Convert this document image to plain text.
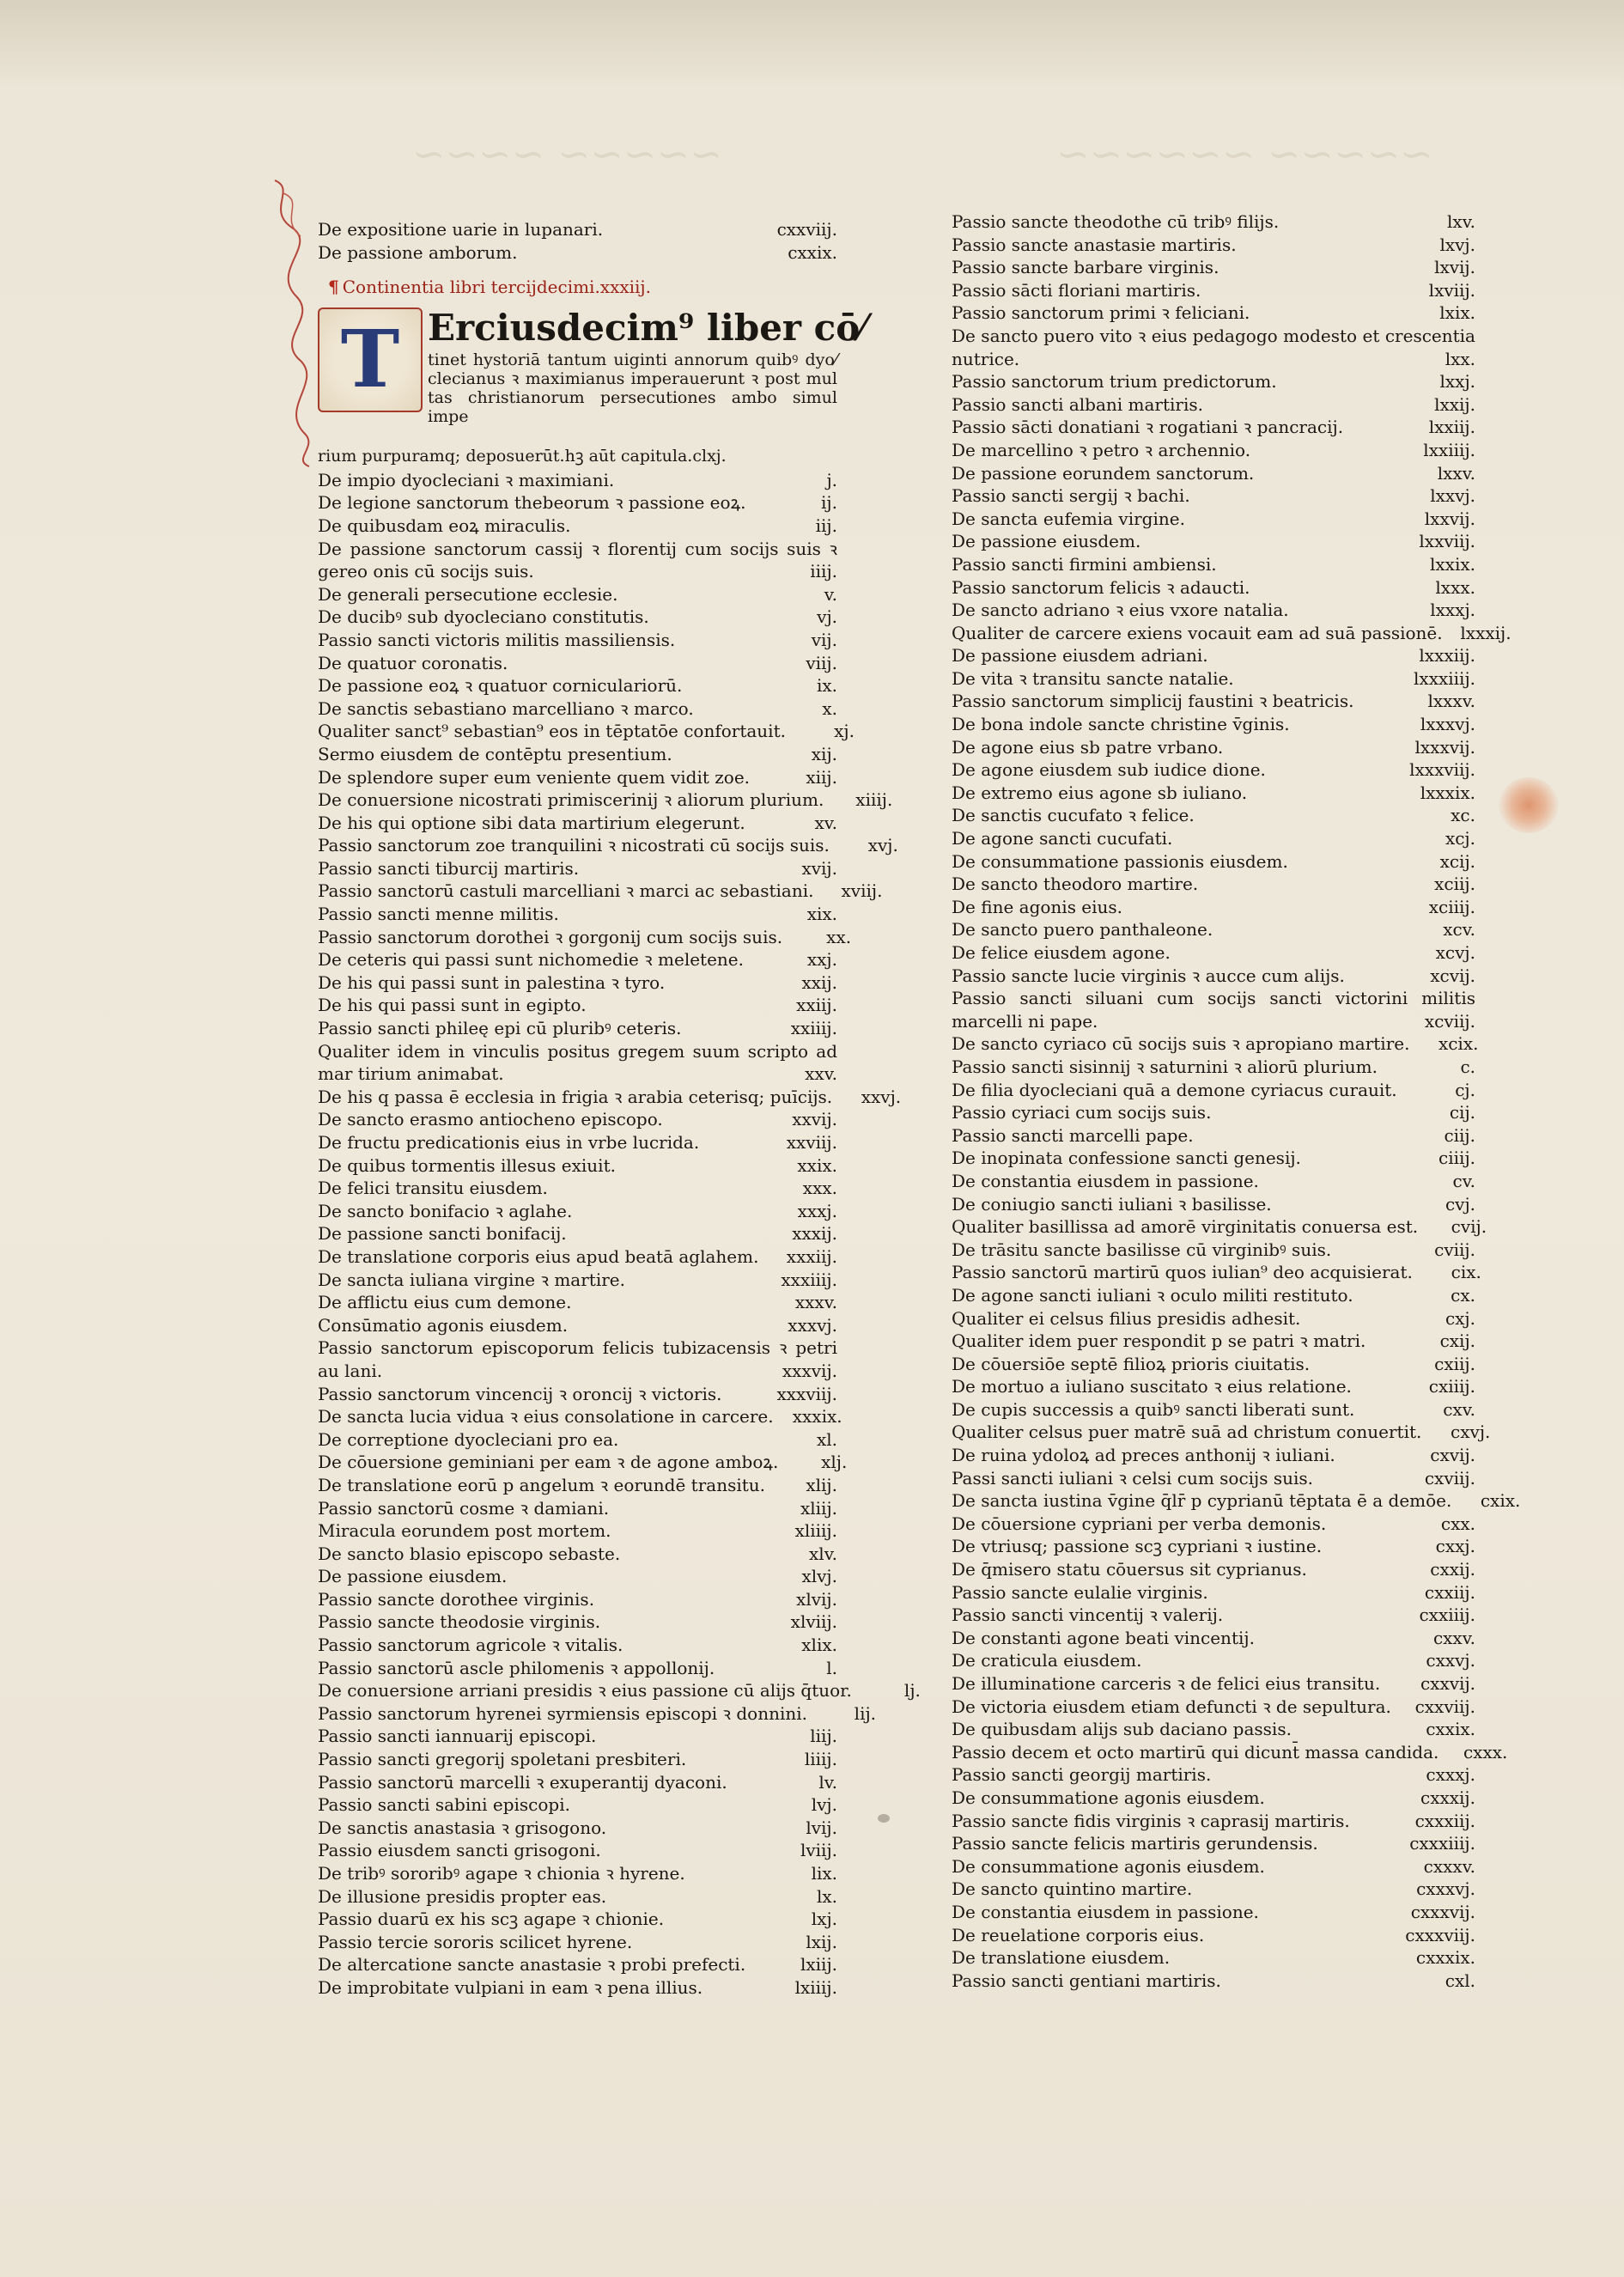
~~~~~ ~~~~	~~~~~ ~~~~~~
De expositione uarie in lupanari.	cxxviij.
De passione amborum.	cxxix.
¶ Continentia libri tercijdecimi.xxxiij.
T Erciusdecim⁹ liber cō⁄
tinet hystoriā tantum uiginti annorum quibꝰ dyo⁄ clecianus ꝛ maximianus imperauerunt ꝛ post mul tas christianorum persecutiones ambo simul impe
rium purpuramq; deposuerūt.hꝫ aūt capitula.clxj.
De impio dyocleciani ꝛ maximiani.	j.
De legione sanctorum thebeorum ꝛ passione eoꝝ.	ij.
De quibusdam eoꝝ miraculis.	iij.
De passione sanctorum cassij ꝛ florentij cum socijs suis ꝛ gereo onis cū socijs suis.	iiij.
De generali persecutione ecclesie.	v.
De ducibꝰ sub dyocleciano constitutis.	vj.
Passio sancti victoris militis massiliensis.	vij.
De quatuor coronatis.	viij.
De passione eoꝝ ꝛ quatuor corniculariorū.	ix.
De sanctis sebastiano marcelliano ꝛ marco.	x.
Qualiter sanct⁹ sebastian⁹ eos in tēptatōe confortauit.	xj.
Sermo eiusdem de contēptu presentium.	xij.
De splendore super eum veniente quem vidit zoe.	xiij.
De conuersione nicostrati primiscerinij ꝛ aliorum plurium.	xiiij.
De his qui optione sibi data martirium elegerunt.	xv.
Passio sanctorum zoe tranquilini ꝛ nicostrati cū socijs suis.	xvj.
Passio sancti tiburcij martiris.	xvij.
Passio sanctorū castuli marcelliani ꝛ marci ac sebastiani.	xviij.
Passio sancti menne militis.	xix.
Passio sanctorum dorothei ꝛ gorgonij cum socijs suis.	xx.
De ceteris qui passi sunt nichomedie ꝛ meletene.	xxj.
De his qui passi sunt in palestina ꝛ tyro.	xxij.
De his qui passi sunt in egipto.	xxiij.
Passio sancti phileę epi cū pluribꝰ ceteris.	xxiiij.
Qualiter idem in vinculis positus gregem suum scripto ad mar tirium animabat.	xxv.
De his q passa ē ecclesia in frigia ꝛ arabia ceterisq; puīcijs.	xxvj.
De sancto erasmo antiocheno episcopo.	xxvij.
De fructu predicationis eius in vrbe lucrida.	xxviij.
De quibus tormentis illesus exiuit.	xxix.
De felici transitu eiusdem.	xxx.
De sancto bonifacio ꝛ aglahe.	xxxj.
De passione sancti bonifacij.	xxxij.
De translatione corporis eius apud beatā aglahem.	xxxiij.
De sancta iuliana virgine ꝛ martire.	xxxiiij.
De afflictu eius cum demone.	xxxv.
Consūmatio agonis eiusdem.	xxxvj.
Passio sanctorum episcoporum felicis tubizacensis ꝛ petri au lani.	xxxvij.
Passio sanctorum vincencij ꝛ oroncij ꝛ victoris.	xxxviij.
De sancta lucia vidua ꝛ eius consolatione in carcere.	xxxix.
De correptione dyocleciani pro ea.	xl.
De cōuersione geminiani per eam ꝛ de agone amboꝝ.	xlj.
De translatione eorū p angelum ꝛ eorundē transitu.	xlij.
Passio sanctorū cosme ꝛ damiani.	xliij.
Miracula eorundem post mortem.	xliiij.
De sancto blasio episcopo sebaste.	xlv.
De passione eiusdem.	xlvj.
Passio sancte dorothee virginis.	xlvij.
Passio sancte theodosie virginis.	xlviij.
Passio sanctorum agricole ꝛ vitalis.	xlix.
Passio sanctorū ascle philomenis ꝛ appollonij.	l.
De conuersione arriani presidis ꝛ eius passione cū alijs q̄tuor.	lj.
Passio sanctorum hyrenei syrmiensis episcopi ꝛ donnini.	lij.
Passio sancti iannuarij episcopi.	liij.
Passio sancti gregorij spoletani presbiteri.	liiij.
Passio sanctorū marcelli ꝛ exuperantij dyaconi.	lv.
Passio sancti sabini episcopi.	lvj.
De sanctis anastasia ꝛ grisogono.	lvij.
Passio eiusdem sancti grisogoni.	lviij.
De tribꝰ sororibꝰ agape ꝛ chionia ꝛ hyrene.	lix.
De illusione presidis propter eas.	lx.
Passio duarū ex his scꝫ agape ꝛ chionie.	lxj.
Passio tercie sororis scilicet hyrene.	lxij.
De altercatione sancte anastasie ꝛ probi prefecti.	lxiij.
De improbitate vulpiani in eam ꝛ pena illius.	lxiiij.
Passio sancte theodothe cū tribꝰ filijs.	lxv.
Passio sancte anastasie martiris.	lxvj.
Passio sancte barbare virginis.	lxvij.
Passio sācti floriani martiris.	lxviij.
Passio sanctorum primi ꝛ feliciani.	lxix.
De sancto puero vito ꝛ eius pedagogo modesto et crescentia nutrice.	lxx.
Passio sanctorum trium predictorum.	lxxj.
Passio sancti albani martiris.	lxxij.
Passio sācti donatiani ꝛ rogatiani ꝛ pancracij.	lxxiij.
De marcellino ꝛ petro ꝛ archennio.	lxxiiij.
De passione eorundem sanctorum.	lxxv.
Passio sancti sergij ꝛ bachi.	lxxvj.
De sancta eufemia virgine.	lxxvij.
De passione eiusdem.	lxxviij.
Passio sancti firmini ambiensi.	lxxix.
Passio sanctorum felicis ꝛ adaucti.	lxxx.
De sancto adriano ꝛ eius vxore natalia.	lxxxj.
Qualiter de carcere exiens vocauit eam ad suā passionē.	lxxxij.
De passione eiusdem adriani.	lxxxiij.
De vita ꝛ transitu sancte natalie.	lxxxiiij.
Passio sanctorum simplicij faustini ꝛ beatricis.	lxxxv.
De bona indole sancte christine v̄ginis.	lxxxvj.
De agone eius sb patre vrbano.	lxxxvij.
De agone eiusdem sub iudice dione.	lxxxviij.
De extremo eius agone sb iuliano.	lxxxix.
De sanctis cucufato ꝛ felice.	xc.
De agone sancti cucufati.	xcj.
De consummatione passionis eiusdem.	xcij.
De sancto theodoro martire.	xciij.
De fine agonis eius.	xciiij.
De sancto puero panthaleone.	xcv.
De felice eiusdem agone.	xcvj.
Passio sancte lucie virginis ꝛ aucce cum alijs.	xcvij.
Passio sancti siluani cum socijs sancti victorini militis marcelli ni pape.	xcviij.
De sancto cyriaco cū socijs suis ꝛ apropiano martire.	xcix.
Passio sancti sisinnij ꝛ saturnini ꝛ aliorū plurium.	c.
De filia dyocleciani quā a demone cyriacus curauit.	cj.
Passio cyriaci cum socijs suis.	cij.
Passio sancti marcelli pape.	ciij.
De inopinata confessione sancti genesij.	ciiij.
De constantia eiusdem in passione.	cv.
De coniugio sancti iuliani ꝛ basilisse.	cvj.
Qualiter basillissa ad amorē virginitatis conuersa est.	cvij.
De trāsitu sancte basilisse cū virginibꝰ suis.	cviij.
Passio sanctorū martirū quos iulian⁹ deo acquisierat.	cix.
De agone sancti iuliani ꝛ oculo militi restituto.	cx.
Qualiter ei celsus filius presidis adhesit.	cxj.
Qualiter idem puer respondit p se patri ꝛ matri.	cxij.
De cōuersiōe septē filioꝝ prioris ciuitatis.	cxiij.
De mortuo a iuliano suscitato ꝛ eius relatione.	cxiiij.
De cupis successis a quibꝰ sancti liberati sunt.	cxv.
Qualiter celsus puer matrē suā ad christum conuertit.	cxvj.
De ruina ydoloꝝ ad preces anthonij ꝛ iuliani.	cxvij.
Passi sancti iuliani ꝛ celsi cum socijs suis.	cxviij.
De sancta iustina v̄gine q̄lr̄ p cyprianū tēptata ē a demōe.	cxix.
De cōuersione cypriani per verba demonis.	cxx.
De vtriusq; passione scꝫ cypriani ꝛ iustine.	cxxj.
De q̄misero statu cōuersus sit cyprianus.	cxxij.
Passio sancte eulalie virginis.	cxxiij.
Passio sancti vincentij ꝛ valerij.	cxxiiij.
De constanti agone beati vincentij.	cxxv.
De craticula eiusdem.	cxxvj.
De illuminatione carceris ꝛ de felici eius transitu.	cxxvij.
De victoria eiusdem etiam defuncti ꝛ de sepultura.	cxxviij.
De quibusdam alijs sub daciano passis.	cxxix.
Passio decem et octo martirū qui dicunt̄ massa candida.	cxxx.
Passio sancti georgij martiris.	cxxxj.
De consummatione agonis eiusdem.	cxxxij.
Passio sancte fidis virginis ꝛ caprasij martiris.	cxxxiij.
Passio sancte felicis martiris gerundensis.	cxxxiiij.
De consummatione agonis eiusdem.	cxxxv.
De sancto quintino martire.	cxxxvj.
De constantia eiusdem in passione.	cxxxvij.
De reuelatione corporis eius.	cxxxviij.
De translatione eiusdem.	cxxxix.
Passio sancti gentiani martiris.	cxl.
